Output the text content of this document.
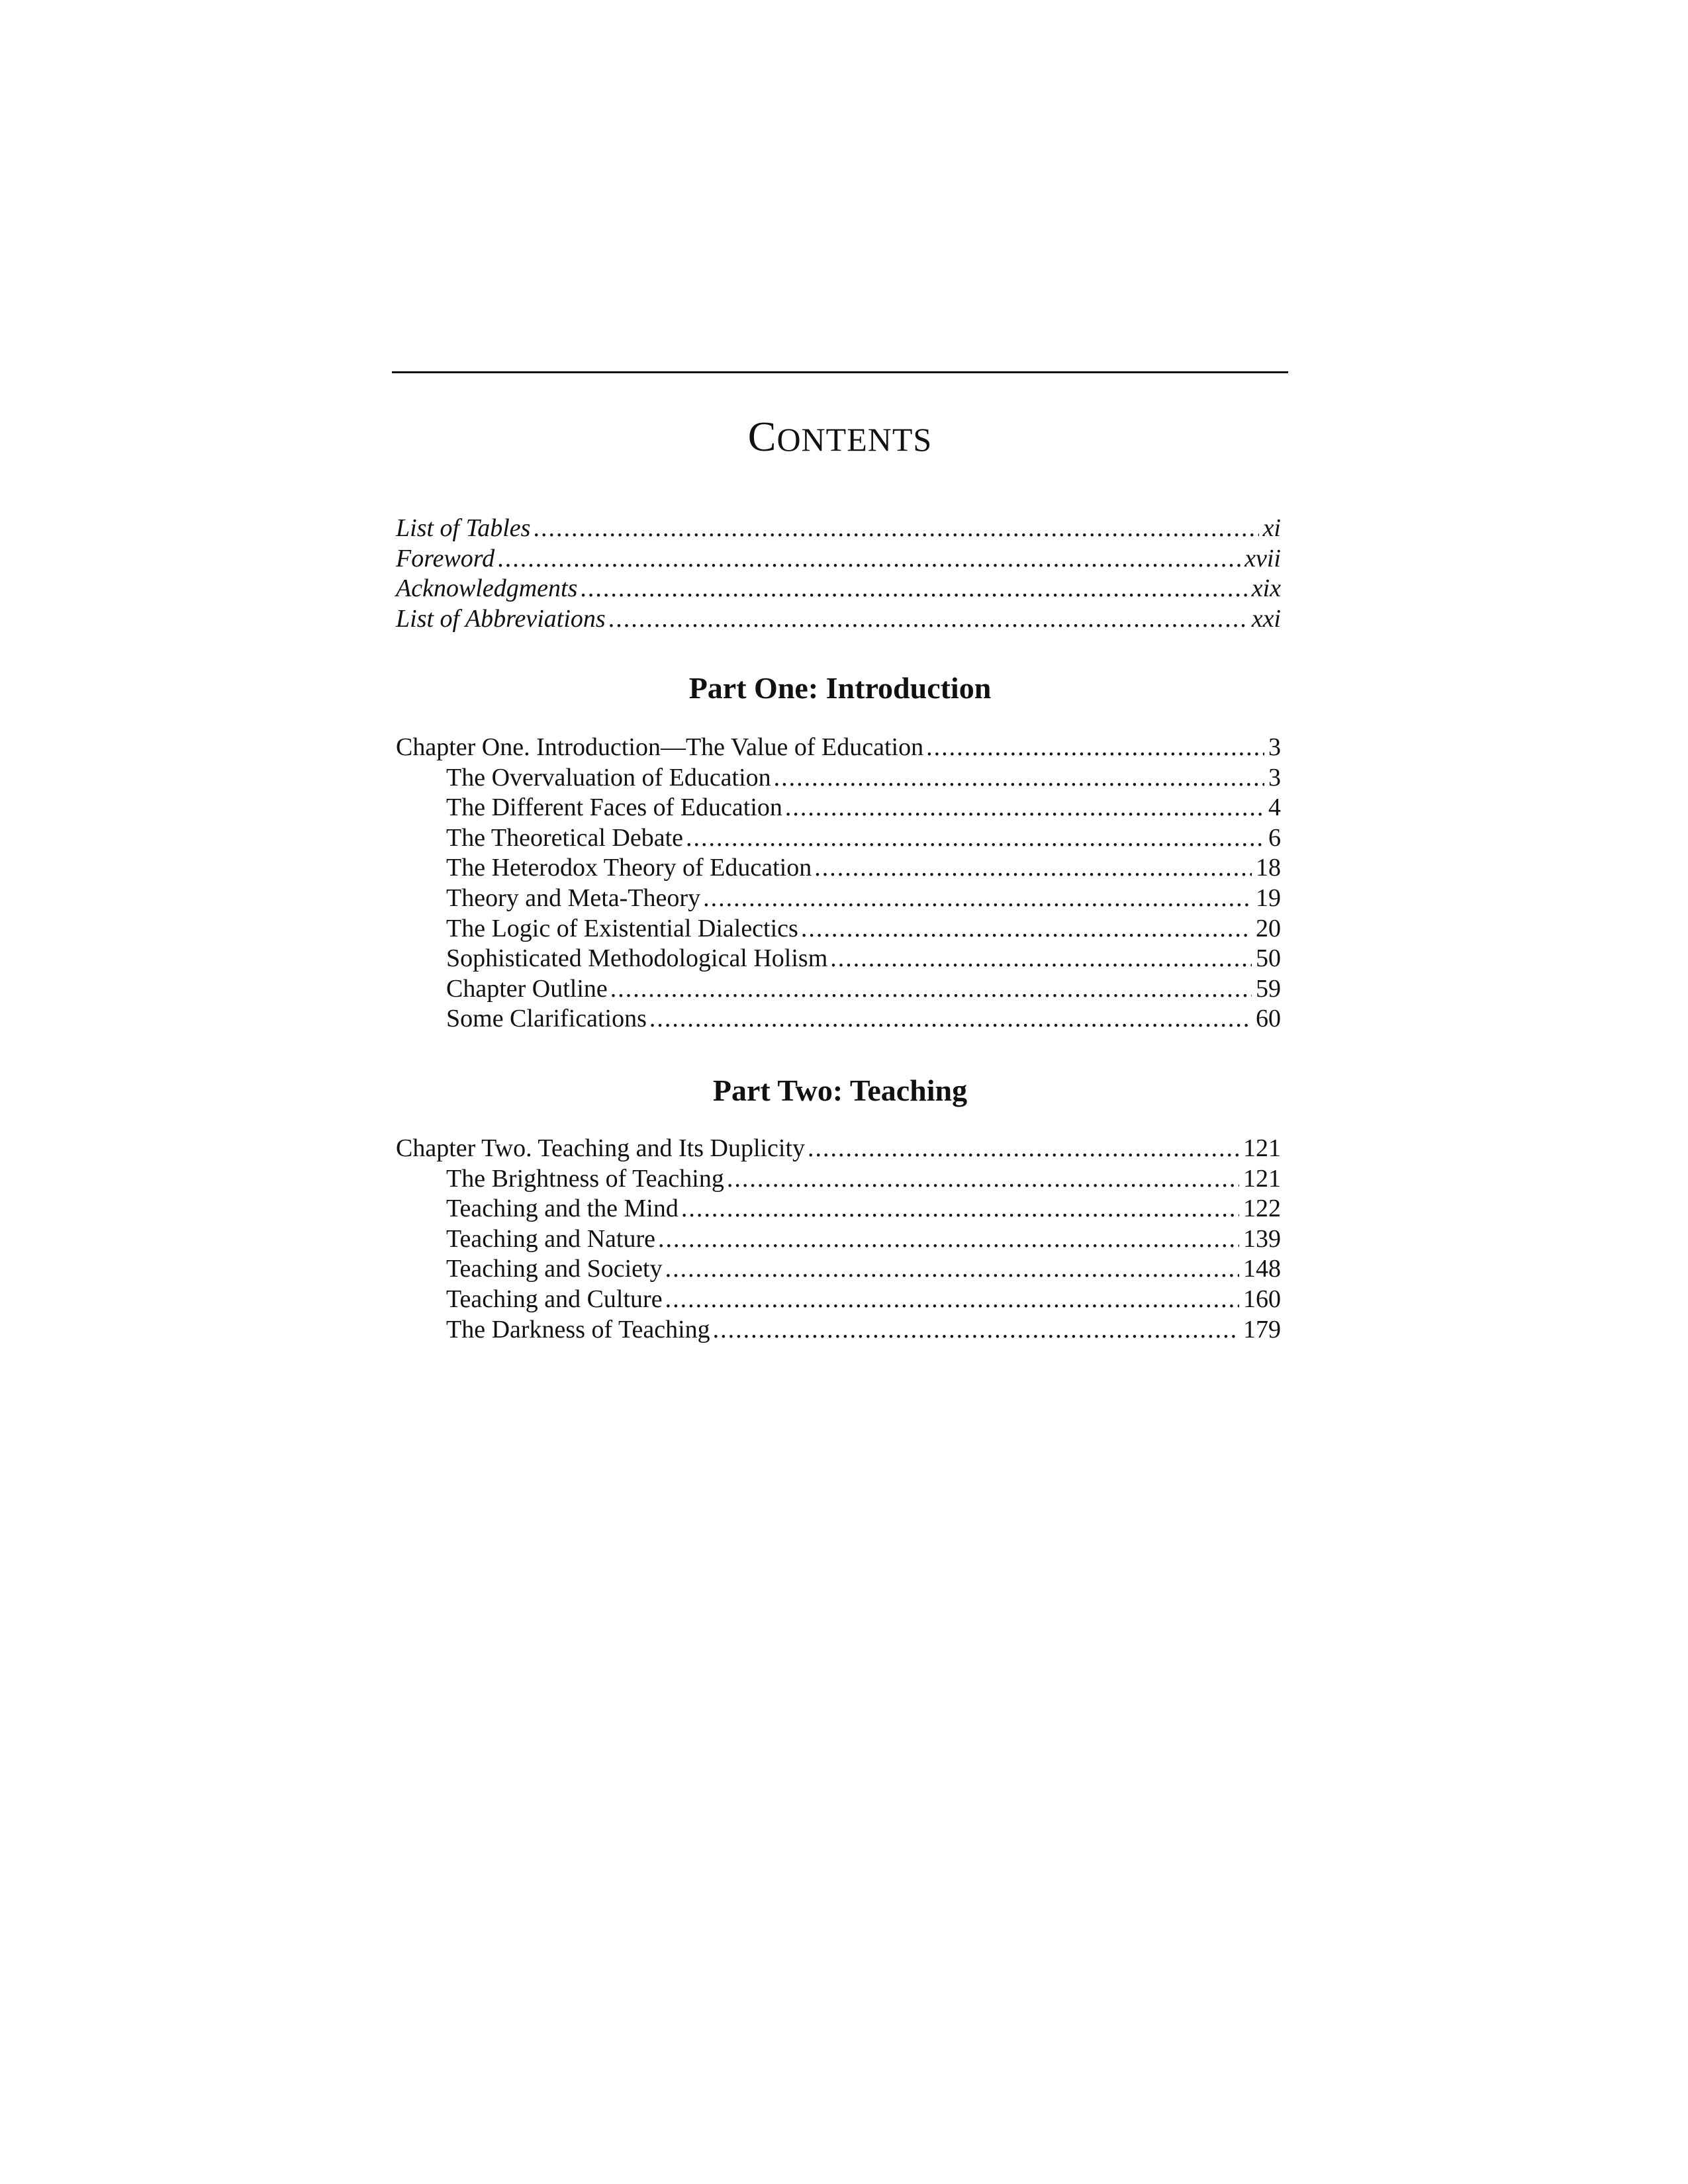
CONTENTS
List of Tables .....	xi
Foreword .....	xvii
Acknowledgments .....	xix
List of Abbreviations .....	xxi
Part One: Introduction
Chapter One. Introduction—The Value of Education .....	3
The Overvaluation of Education .....	3
The Different Faces of Education .....	4
The Theoretical Debate .....	6
The Heterodox Theory of Education .....	18
Theory and Meta-Theory .....	19
The Logic of Existential Dialectics .....	20
Sophisticated Methodological Holism .....	50
Chapter Outline .....	59
Some Clarifications .....	60
Part Two: Teaching
Chapter Two. Teaching and Its Duplicity .....	121
The Brightness of Teaching .....	121
Teaching and the Mind .....	122
Teaching and Nature .....	139
Teaching and Society .....	148
Teaching and Culture .....	160
The Darkness of Teaching .....	179
